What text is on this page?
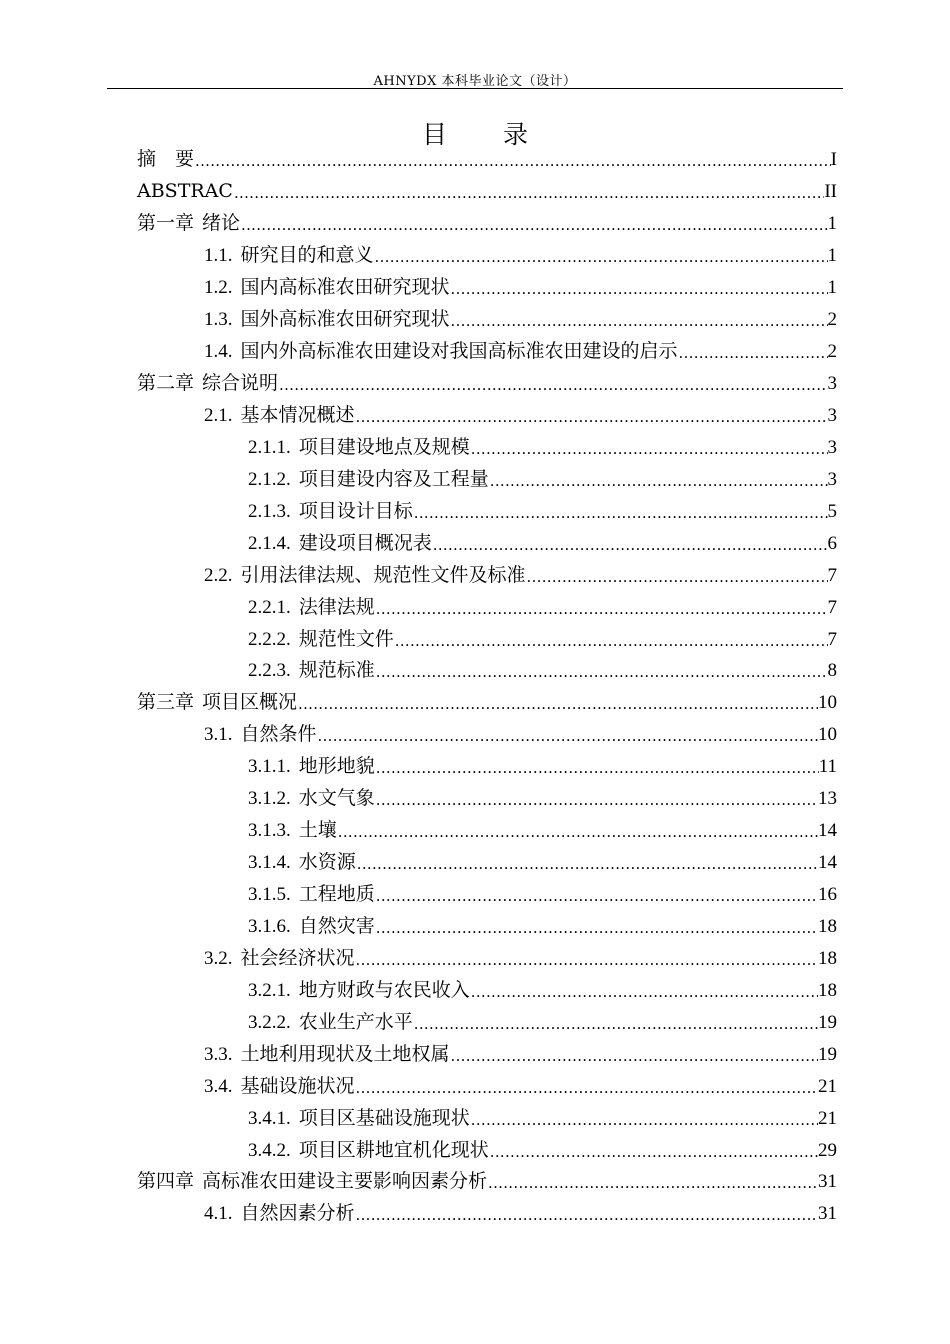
AHNYDX 本科毕业论文（设计）
目 录
摘　要 .....	I
ABSTRAC .....	II
第一章 绪论 .....	1
1.1. 研究目的和意义 .....	1
1.2. 国内高标准农田研究现状 .....	1
1.3. 国外高标准农田研究现状 .....	2
1.4. 国内外高标准农田建设对我国高标准农田建设的启示 .....	2
第二章 综合说明 .....	3
2.1. 基本情况概述 .....	3
2.1.1. 项目建设地点及规模 .....	3
2.1.2. 项目建设内容及工程量 .....	3
2.1.3. 项目设计目标 .....	5
2.1.4. 建设项目概况表 .....	6
2.2. 引用法律法规、规范性文件及标准 .....	7
2.2.1. 法律法规 .....	7
2.2.2. 规范性文件 .....	7
2.2.3. 规范标准 .....	8
第三章 项目区概况 .....	10
3.1. 自然条件 .....	10
3.1.1. 地形地貌 .....	11
3.1.2. 水文气象 .....	13
3.1.3. 土壤 .....	14
3.1.4. 水资源 .....	14
3.1.5. 工程地质 .....	16
3.1.6. 自然灾害 .....	18
3.2. 社会经济状况 .....	18
3.2.1. 地方财政与农民收入 .....	18
3.2.2. 农业生产水平 .....	19
3.3. 土地利用现状及土地权属 .....	19
3.4. 基础设施状况 .....	21
3.4.1. 项目区基础设施现状 .....	21
3.4.2. 项目区耕地宜机化现状 .....	29
第四章 高标准农田建设主要影响因素分析 .....	31
4.1. 自然因素分析 .....	31
